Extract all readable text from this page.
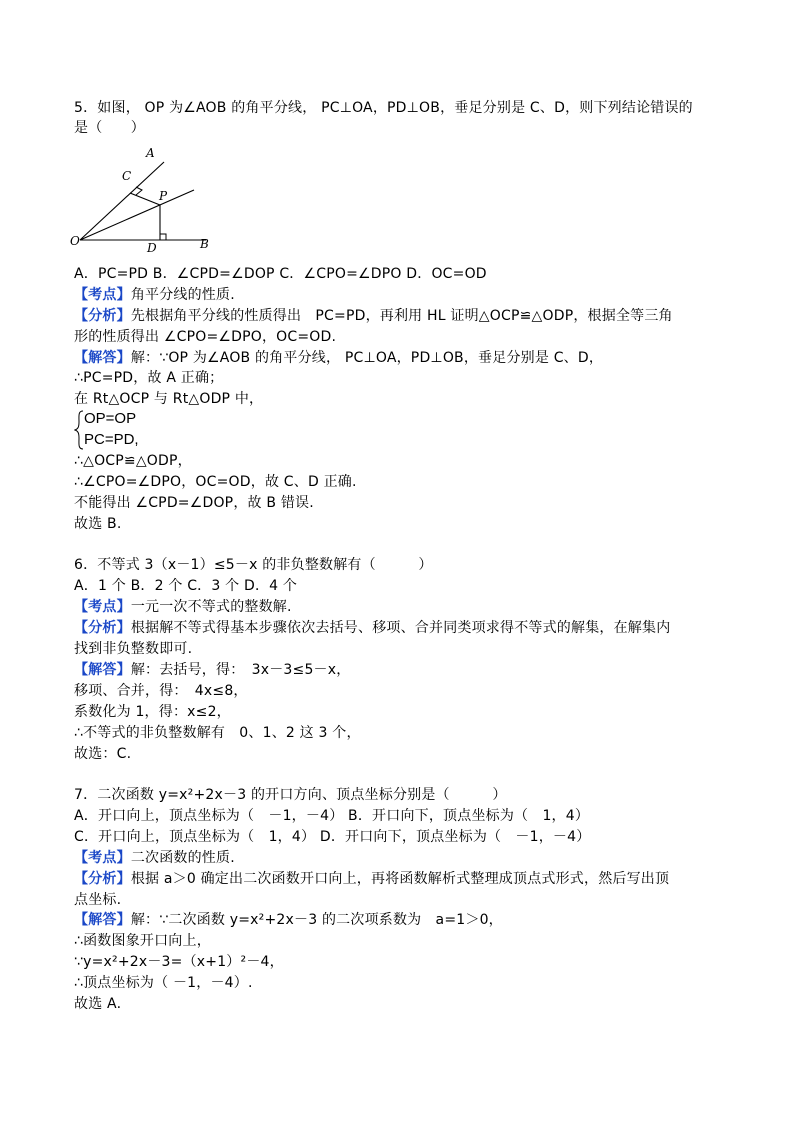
5．如图， OP 为∠AOB 的角平分线， PC⊥OA，PD⊥OB，垂足分别是 C、D，则下列结论错误的
是（　　）
A
C
P
O	D	B
A．PC=PD B．∠CPD=∠DOP C．∠CPO=∠DPO D．OC=OD
【考点】角平分线的性质.
【分析】先根据角平分线的性质得出　PC=PD，再利用 HL 证明△OCP≌△ODP，根据全等三角
形的性质得出 ∠CPO=∠DPO，OC=OD.
【解答】解：∵OP 为∠AOB 的角平分线， PC⊥OA，PD⊥OB，垂足分别是 C、D，
∴PC=PD，故 A 正确；
在 Rt△OCP 与 Rt△ODP 中，
OP=OP
PC=PD,
∴△OCP≌△ODP，
∴∠CPO=∠DPO，OC=OD，故 C、D 正确.
不能得出 ∠CPD=∠DOP，故 B 错误.
故选 B.
6．不等式 3（x－1）≤5－x 的非负整数解有（　　　）
A．1 个 B．2 个 C．3 个 D．4 个
【考点】一元一次不等式的整数解.
【分析】根据解不等式得基本步骤依次去括号、移项、合并同类项求得不等式的解集，在解集内
找到非负整数即可.
【解答】解：去括号，得：　3x－3≤5－x，
移项、合并，得：　4x≤8，
系数化为 1，得：x≤2，
∴不等式的非负整数解有　0、1、2 这 3 个，
故选：C.
7．二次函数 y=x²+2x－3 的开口方向、顶点坐标分别是（　　　）
A．开口向上，顶点坐标为（　－1，－4） B．开口向下，顶点坐标为（　1，4）
C．开口向上，顶点坐标为（　1，4） D．开口向下，顶点坐标为（　－1，－4）
【考点】二次函数的性质.
【分析】根据 a＞0 确定出二次函数开口向上，再将函数解析式整理成顶点式形式，然后写出顶
点坐标.
【解答】解：∵二次函数 y=x²+2x－3 的二次项系数为　a=1＞0，
∴函数图象开口向上，
∵y=x²+2x－3=（x+1）²－4，
∴顶点坐标为（ －1，－4）.
故选 A.
